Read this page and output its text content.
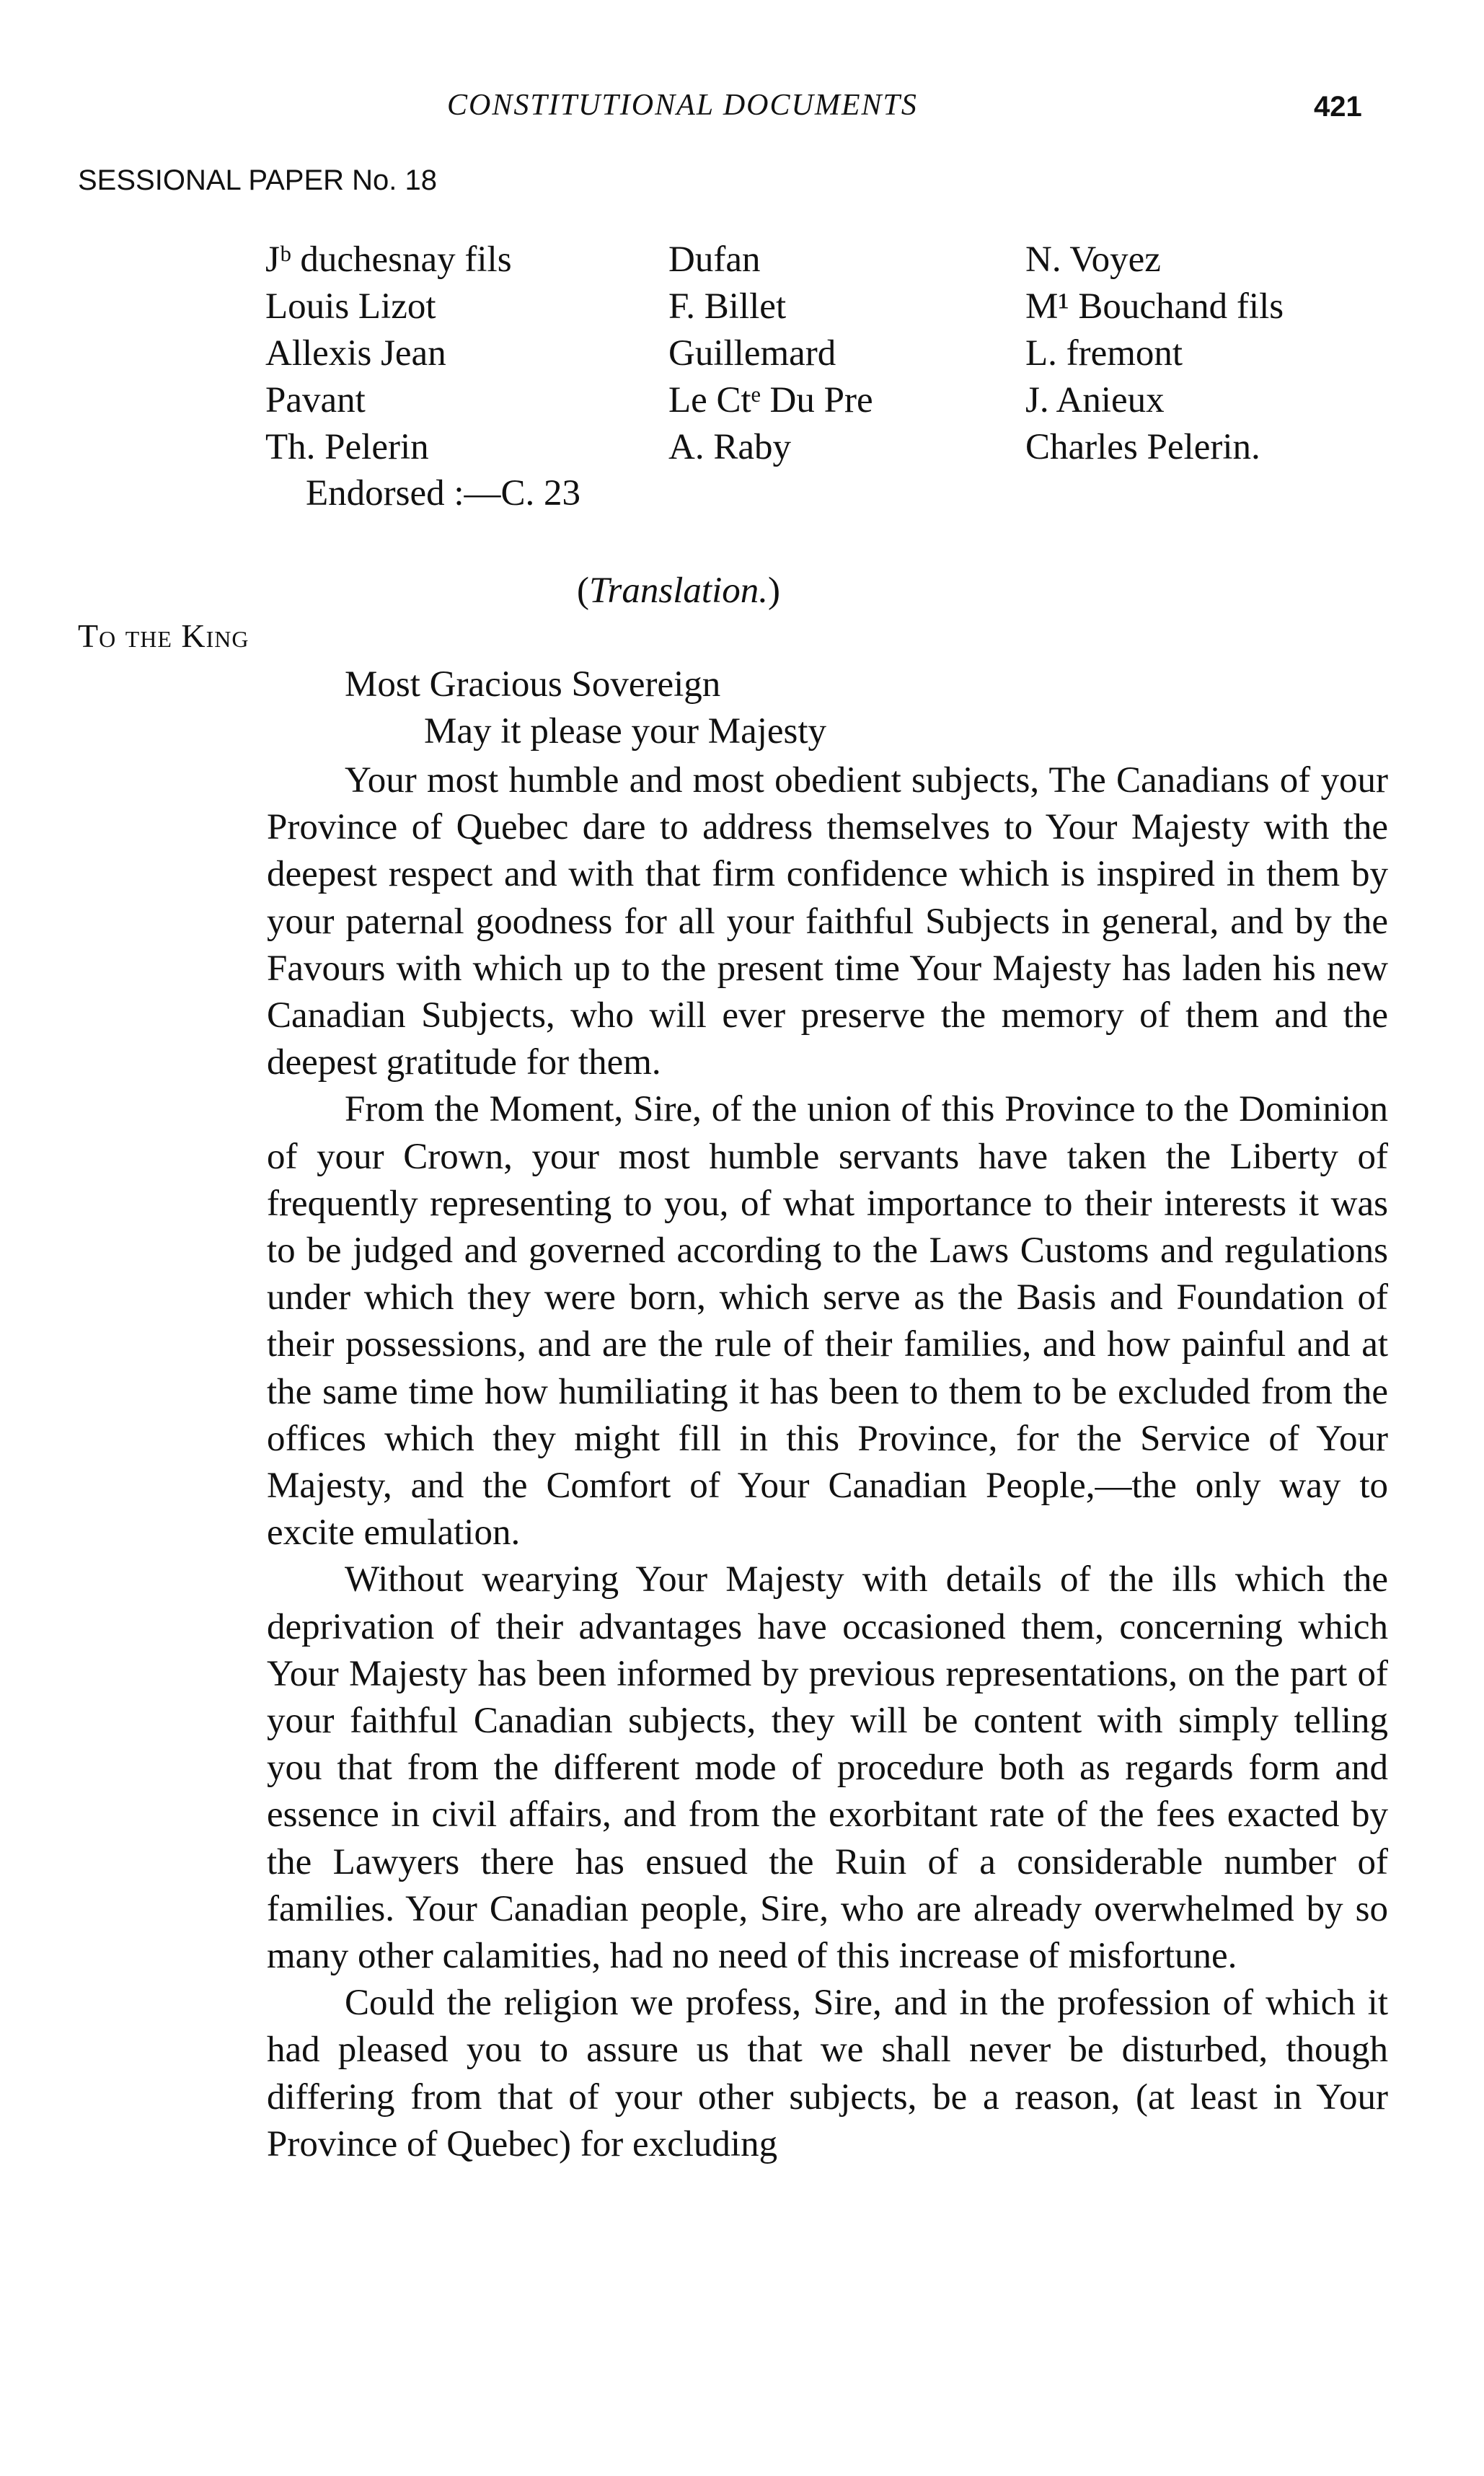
CONSTITUTIONAL DOCUMENTS	421
SESSIONAL PAPER No. 18
Jᵇ duchesnay fils
Louis Lizot
Allexis Jean
Pavant
Th. Pelerin
Dufan
F. Billet
Guillemard
Le Ctᵉ Du Pre
A. Raby
N. Voyez
M¹ Bouchand fils
L. fremont
J. Anieux
Charles Pelerin.
Endorsed :—C. 23
(Translation.)
To the King
Most Gracious Sovereign
May it please your Majesty

Your most humble and most obedient subjects, The Canadians of your Province of Quebec dare to address themselves to Your Majesty with the deepest respect and with that firm confidence which is inspired in them by your paternal goodness for all your faithful Subjects in general, and by the Favours with which up to the present time Your Majesty has laden his new Canadian Subjects, who will ever preserve the memory of them and the deepest gratitude for them.

From the Moment, Sire, of the union of this Province to the Dominion of your Crown, your most humble servants have taken the Liberty of frequently representing to you, of what importance to their interests it was to be judged and governed according to the Laws Customs and regulations under which they were born, which serve as the Basis and Foundation of their possessions, and are the rule of their families, and how painful and at the same time how humiliating it has been to them to be excluded from the offices which they might fill in this Province, for the Service of Your Majesty, and the Comfort of Your Canadian People,—the only way to excite emulation.

Without wearying Your Majesty with details of the ills which the deprivation of their advantages have occasioned them, concerning which Your Majesty has been informed by previous representations, on the part of your faithful Canadian subjects, they will be content with simply telling you that from the different mode of procedure both as regards form and essence in civil affairs, and from the exorbitant rate of the fees exacted by the Lawyers there has ensued the Ruin of a considerable number of families. Your Canadian people, Sire, who are already overwhelmed by so many other calamities, had no need of this increase of misfortune.

Could the religion we profess, Sire, and in the profession of which it had pleased you to assure us that we shall never be disturbed, though differing from that of your other subjects, be a reason, (at least in Your Province of Quebec) for excluding
